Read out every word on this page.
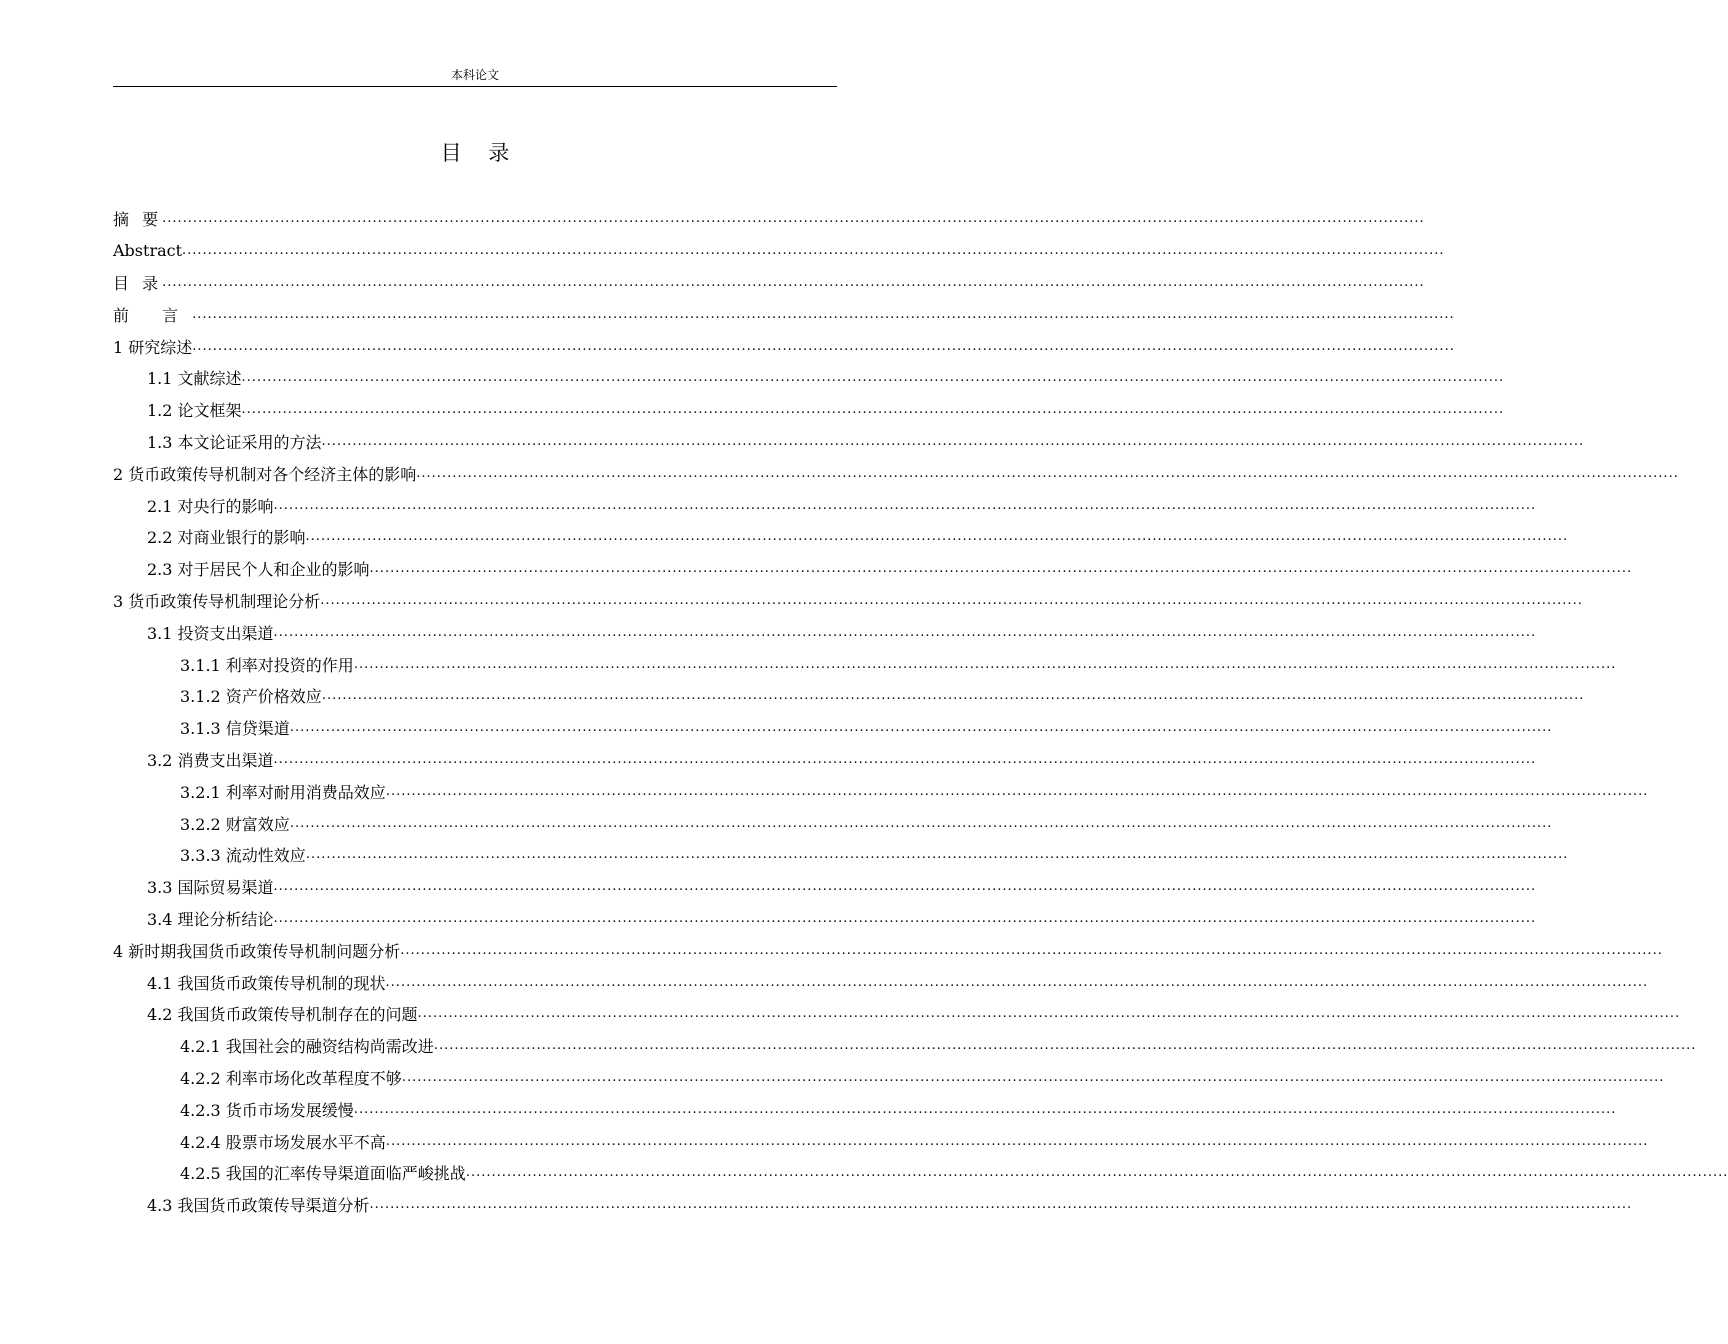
本科论文
目 录
摘 要 ......................................................................................................................................................................................................................................................
Abstract ......................................................................................................................................................................................................................................................
目 录 ......................................................................................................................................................................................................................................................
前 言 ......................................................................................................................................................................................................................................................
1 研究综述 ......................................................................................................................................................................................................................................................
1.1 文献综述 ......................................................................................................................................................................................................................................................
1.2 论文框架 ......................................................................................................................................................................................................................................................
1.3 本文论证采用的方法 ......................................................................................................................................................................................................................................................
2 货币政策传导机制对各个经济主体的影响 ......................................................................................................................................................................................................................................................
2.1 对央行的影响 ......................................................................................................................................................................................................................................................
2.2 对商业银行的影响 ......................................................................................................................................................................................................................................................
2.3 对于居民个人和企业的影响 ......................................................................................................................................................................................................................................................
3 货币政策传导机制理论分析 ......................................................................................................................................................................................................................................................
3.1 投资支出渠道 ......................................................................................................................................................................................................................................................
3.1.1 利率对投资的作用 ......................................................................................................................................................................................................................................................
3.1.2 资产价格效应 ......................................................................................................................................................................................................................................................
3.1.3 信贷渠道 ......................................................................................................................................................................................................................................................
3.2 消费支出渠道 ......................................................................................................................................................................................................................................................
3.2.1 利率对耐用消费品效应 ......................................................................................................................................................................................................................................................
3.2.2 财富效应 ......................................................................................................................................................................................................................................................
3.3.3 流动性效应 ......................................................................................................................................................................................................................................................
3.3 国际贸易渠道 ......................................................................................................................................................................................................................................................
3.4 理论分析结论 ......................................................................................................................................................................................................................................................
4 新时期我国货币政策传导机制问题分析 ......................................................................................................................................................................................................................................................
4.1 我国货币政策传导机制的现状 ......................................................................................................................................................................................................................................................
4.2 我国货币政策传导机制存在的问题 ......................................................................................................................................................................................................................................................
4.2.1 我国社会的融资结构尚需改进 ......................................................................................................................................................................................................................................................
4.2.2 利率市场化改革程度不够 ......................................................................................................................................................................................................................................................
4.2.3 货币市场发展缓慢 ......................................................................................................................................................................................................................................................
4.2.4 股票市场发展水平不高 ......................................................................................................................................................................................................................................................
4.2.5 我国的汇率传导渠道面临严峻挑战 ......................................................................................................................................................................................................................................................
4.3 我国货币政策传导渠道分析 ......................................................................................................................................................................................................................................................
